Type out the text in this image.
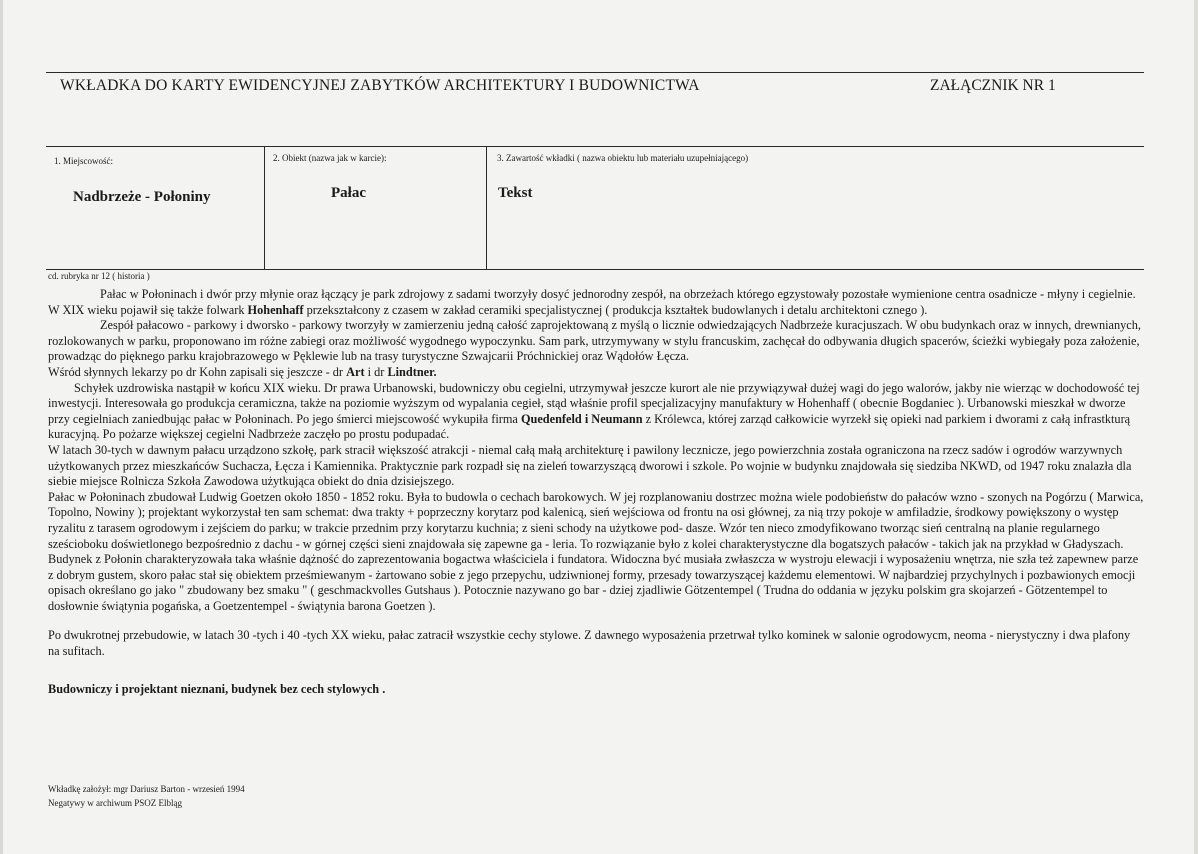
WKŁADKA DO KARTY EWIDENCYJNEJ ZABYTKÓW ARCHITEKTURY I BUDOWNICTWA	ZAŁĄCZNIK NR 1
1. Miejscowość:
Nadbrzeże - Połoniny
2. Obiekt (nazwa jak w karcie):
Pałac
3. Zawartość wkładki ( nazwa obiektu lub materiału uzupełniającego)
Tekst
cd. rubryka nr 12 ( historia )

Pałac w Połoninach i dwór przy młynie oraz łączący je park zdrojowy z sadami tworzyły dosyć jednorodny zespół, na obrzeżach którego egzystowały pozostałe wymienione centra osadnicze - młyny i cegielnie. W XIX wieku pojawił się także folwark Hohenhaff przekształcony z czasem w zakład ceramiki specjalistycznej ( produkcja kształtek budowlanych i detalu architektoni cznego ).

Zespół pałacowo - parkowy i dworsko - parkowy tworzyły w zamierzeniu jedną całość zaprojektowaną z myślą o licznie odwiedzających Nadbrzeże kuracjuszach. W obu budynkach oraz w innych, drewnianych, rozlokowanych w parku, proponowano im różne zabiegi oraz możliwość wygodnego wypoczynku. Sam park, utrzymywany w stylu francuskim, zachęcał do odbywania długich spacerów, ścieżki wybiegały poza założenie, prowadząc do pięknego parku krajobrazowego w Pęklewie lub na trasy turystyczne Szwajcarii Próchnickiej oraz Wądołów Łęcza.

Wśród słynnych lekarzy po dr Kohn zapisali się jeszcze - dr Art i dr Lindtner.

Schyłek uzdrowiska nastąpił w końcu XIX wieku. Dr prawa Urbanowski, budowniczy obu cegielni, utrzymywał jeszcze kurort ale nie przywiązywał dużej wagi do jego walorów, jakby nie wierząc w dochodowość tej inwestycji. Interesowała go produkcja ceramiczna, także na poziomie wyższym od wypalania cegieł, stąd właśnie profil specjalizacyjny manufaktury w Hohenhaff ( obecnie Bogdaniec ). Urbanowski mieszkał w dworze przy cegielniach zaniedbując pałac w Połoninach. Po jego śmierci miejscowość wykupiła firma Quedenfeld i Neumann z Królewca, której zarząd całkowicie wyrzekł się opieki nad parkiem i dworami z całą infrastkturą kuracyjną. Po pożarze większej cegielni Nadbrzeże zaczęło po prostu podupadać.

W latach 30-tych w dawnym pałacu urządzono szkołę, park stracił większość atrakcji - niemal całą małą architekturę i pawilony lecznicze, jego powierzchnia została ograniczona na rzecz sadów i ogrodów warzywnych użytkowanych przez mieszkańców Suchacza, Łęcza i Kamiennika. Praktycznie park rozpadł się na zieleń towarzyszącą dworowi i szkole. Po wojnie w budynku znajdowała się siedziba NKWD, od 1947 roku znalazła dla siebie miejsce Rolnicza Szkoła Zawodowa użytkująca obiekt do dnia dzisiejszego.

Pałac w Połoninach zbudował Ludwig Goetzen około 1850 - 1852 roku. Była to budowla o cechach barokowych. W jej rozplanowaniu dostrzec można wiele podobieństw do pałaców wzno - szonych na Pogórzu ( Marwica, Topolno, Nowiny ); projektant wykorzystał ten sam schemat: dwa trakty + poprzeczny korytarz pod kalenicą, sień wejściowa od frontu na osi głównej, za nią trzy pokoje w amfiladzie, środkowy powiększony o występ ryzalitu z tarasem ogrodowym i zejściem do parku; w trakcie przednim przy korytarzu kuchnia; z sieni schody na użytkowe pod- dasze. Wzór ten nieco zmodyfikowano tworząc sień centralną na planie regularnego sześcioboku doświetlonego bezpośrednio z dachu - w górnej części sieni znajdowała się zapewne ga - leria. To rozwiązanie było z kolei charakterystyczne dla bogatszych pałaców - takich jak na przykład w Gładyszach.

Budynek z Połonin charakteryzowała taka właśnie dążność do zaprezentowania bogactwa właściciela i fundatora. Widoczna być musiała zwłaszcza w wystroju elewacji i wyposażeniu wnętrza, nie szła też zapewnew parze z dobrym gustem, skoro pałac stał się obiektem prześmiewanym - żartowano sobie z jego przepychu, udziwnionej formy, przesady towarzyszącej każdemu elementowi. W najbardziej przychylnych i pozbawionych emocji opisach określano go jako " zbudowany bez smaku " ( geschmackvolles Gutshaus ). Potocznie nazywano go bar - dziej zjadliwie Götzentempel ( Trudna do oddania w języku polskim gra skojarzeń - Götzentempel to dosłownie świątynia pogańska, a Goetzentempel - świątynia barona Goetzen ).

Po dwukrotnej przebudowie, w latach 30 -tych i 40 -tych XX wieku, pałac zatracił wszystkie cechy stylowe. Z dawnego wyposażenia przetrwał tylko kominek w salonie ogrodowycm, neoma - nierystyczny i dwa plafony na sufitach.

Budowniczy i projektant nieznani, budynek bez cech stylowych .

Wkładkę założył: mgr Dariusz Barton - wrzesień 1994
Negatywy w archiwum PSOZ Elbląg
